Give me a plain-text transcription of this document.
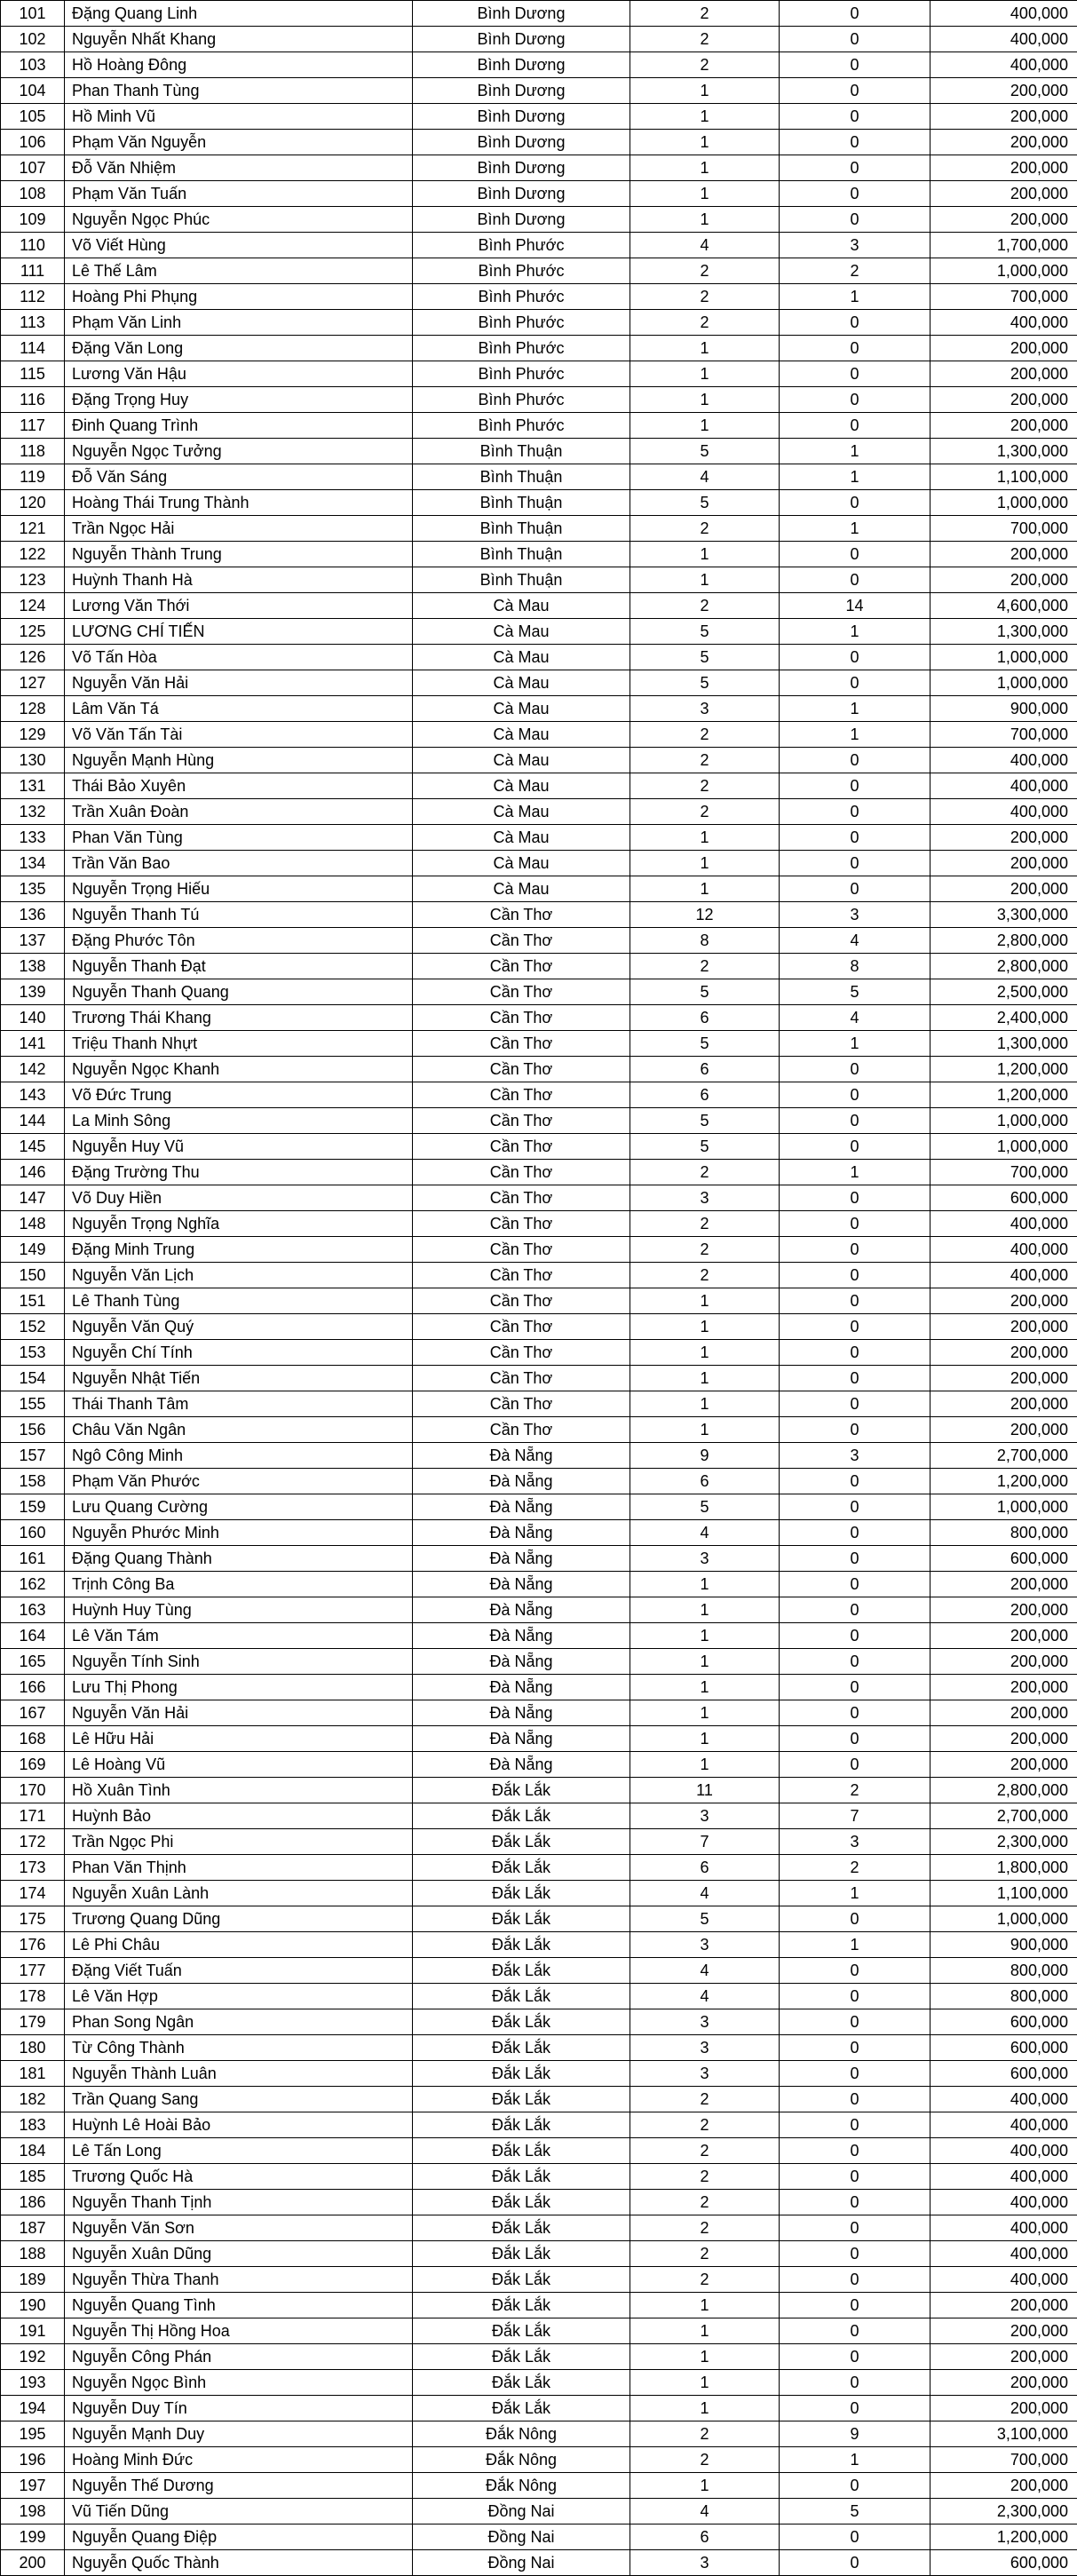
101	Đặng Quang Linh	Bình Dương	2	0	400,000
102	Nguyễn Nhất Khang	Bình Dương	2	0	400,000
103	Hồ Hoàng Đông	Bình Dương	2	0	400,000
104	Phan Thanh Tùng	Bình Dương	1	0	200,000
105	Hồ Minh Vũ	Bình Dương	1	0	200,000
106	Phạm Văn Nguyễn	Bình Dương	1	0	200,000
107	Đỗ Văn Nhiệm	Bình Dương	1	0	200,000
108	Phạm Văn Tuấn	Bình Dương	1	0	200,000
109	Nguyễn Ngọc Phúc	Bình Dương	1	0	200,000
110	Võ Viết Hùng	Bình Phước	4	3	1,700,000
111	Lê Thế Lâm	Bình Phước	2	2	1,000,000
112	Hoàng Phi Phụng	Bình Phước	2	1	700,000
113	Phạm Văn Linh	Bình Phước	2	0	400,000
114	Đặng Văn Long	Bình Phước	1	0	200,000
115	Lương Văn Hậu	Bình Phước	1	0	200,000
116	Đặng Trọng Huy	Bình Phước	1	0	200,000
117	Đinh Quang Trình	Bình Phước	1	0	200,000
118	Nguyễn Ngọc Tưởng	Bình Thuận	5	1	1,300,000
119	Đỗ Văn Sáng	Bình Thuận	4	1	1,100,000
120	Hoàng Thái Trung Thành	Bình Thuận	5	0	1,000,000
121	Trần Ngọc Hải	Bình Thuận	2	1	700,000
122	Nguyễn Thành Trung	Bình Thuận	1	0	200,000
123	Huỳnh Thanh Hà	Bình Thuận	1	0	200,000
124	Lương Văn Thới	Cà Mau	2	14	4,600,000
125	LƯƠNG CHÍ TIẾN	Cà Mau	5	1	1,300,000
126	Võ Tấn Hòa	Cà Mau	5	0	1,000,000
127	Nguyễn Văn Hải	Cà Mau	5	0	1,000,000
128	Lâm Văn Tá	Cà Mau	3	1	900,000
129	Võ Văn Tấn Tài	Cà Mau	2	1	700,000
130	Nguyễn Mạnh Hùng	Cà Mau	2	0	400,000
131	Thái Bảo Xuyên	Cà Mau	2	0	400,000
132	Trần Xuân Đoàn	Cà Mau	2	0	400,000
133	Phan Văn Tùng	Cà Mau	1	0	200,000
134	Trần Văn Bao	Cà Mau	1	0	200,000
135	Nguyễn Trọng Hiếu	Cà Mau	1	0	200,000
136	Nguyễn Thanh Tú	Cần Thơ	12	3	3,300,000
137	Đặng Phước Tôn	Cần Thơ	8	4	2,800,000
138	Nguyễn Thanh Đạt	Cần Thơ	2	8	2,800,000
139	Nguyễn Thanh Quang	Cần Thơ	5	5	2,500,000
140	Trương Thái Khang	Cần Thơ	6	4	2,400,000
141	Triệu Thanh Nhựt	Cần Thơ	5	1	1,300,000
142	Nguyễn Ngọc Khanh	Cần Thơ	6	0	1,200,000
143	Võ Đức Trung	Cần Thơ	6	0	1,200,000
144	La Minh Sông	Cần Thơ	5	0	1,000,000
145	Nguyễn Huy Vũ	Cần Thơ	5	0	1,000,000
146	Đặng Trường Thu	Cần Thơ	2	1	700,000
147	Võ Duy Hiền	Cần Thơ	3	0	600,000
148	Nguyễn Trọng Nghĩa	Cần Thơ	2	0	400,000
149	Đặng Minh Trung	Cần Thơ	2	0	400,000
150	Nguyễn Văn Lịch	Cần Thơ	2	0	400,000
151	Lê Thanh Tùng	Cần Thơ	1	0	200,000
152	Nguyễn Văn Quý	Cần Thơ	1	0	200,000
153	Nguyễn Chí Tính	Cần Thơ	1	0	200,000
154	Nguyễn Nhật Tiến	Cần Thơ	1	0	200,000
155	Thái Thanh Tâm	Cần Thơ	1	0	200,000
156	Châu Văn Ngân	Cần Thơ	1	0	200,000
157	Ngô Công Minh	Đà Nẵng	9	3	2,700,000
158	Phạm Văn Phước	Đà Nẵng	6	0	1,200,000
159	Lưu Quang Cường	Đà Nẵng	5	0	1,000,000
160	Nguyễn Phước Minh	Đà Nẵng	4	0	800,000
161	Đặng Quang Thành	Đà Nẵng	3	0	600,000
162	Trịnh Công Ba	Đà Nẵng	1	0	200,000
163	Huỳnh Huy Tùng	Đà Nẵng	1	0	200,000
164	Lê Văn Tám	Đà Nẵng	1	0	200,000
165	Nguyễn Tính Sinh	Đà Nẵng	1	0	200,000
166	Lưu Thị Phong	Đà Nẵng	1	0	200,000
167	Nguyễn Văn Hải	Đà Nẵng	1	0	200,000
168	Lê Hữu Hải	Đà Nẵng	1	0	200,000
169	Lê Hoàng Vũ	Đà Nẵng	1	0	200,000
170	Hồ Xuân Tình	Đắk Lắk	11	2	2,800,000
171	Huỳnh Bảo	Đắk Lắk	3	7	2,700,000
172	Trần Ngọc Phi	Đắk Lắk	7	3	2,300,000
173	Phan Văn Thịnh	Đắk Lắk	6	2	1,800,000
174	Nguyễn Xuân Lành	Đắk Lắk	4	1	1,100,000
175	Trương Quang Dũng	Đắk Lắk	5	0	1,000,000
176	Lê Phi Châu	Đắk Lắk	3	1	900,000
177	Đặng Viết Tuấn	Đắk Lắk	4	0	800,000
178	Lê Văn Hợp	Đắk Lắk	4	0	800,000
179	Phan Song Ngân	Đắk Lắk	3	0	600,000
180	Từ Công Thành	Đắk Lắk	3	0	600,000
181	Nguyễn Thành Luân	Đắk Lắk	3	0	600,000
182	Trần Quang Sang	Đắk Lắk	2	0	400,000
183	Huỳnh Lê Hoài Bảo	Đắk Lắk	2	0	400,000
184	Lê Tấn Long	Đắk Lắk	2	0	400,000
185	Trương Quốc Hà	Đắk Lắk	2	0	400,000
186	Nguyễn Thanh Tịnh	Đắk Lắk	2	0	400,000
187	Nguyễn Văn Sơn	Đắk Lắk	2	0	400,000
188	Nguyễn Xuân Dũng	Đắk Lắk	2	0	400,000
189	Nguyễn Thừa Thanh	Đắk Lắk	2	0	400,000
190	Nguyễn Quang Tình	Đắk Lắk	1	0	200,000
191	Nguyễn Thị Hồng Hoa	Đắk Lắk	1	0	200,000
192	Nguyễn Công Phán	Đắk Lắk	1	0	200,000
193	Nguyễn Ngọc Bình	Đắk Lắk	1	0	200,000
194	Nguyễn Duy Tín	Đắk Lắk	1	0	200,000
195	Nguyễn Mạnh Duy	Đắk Nông	2	9	3,100,000
196	Hoàng Minh Đức	Đắk Nông	2	1	700,000
197	Nguyễn Thế Dương	Đắk Nông	1	0	200,000
198	Vũ Tiến Dũng	Đồng Nai	4	5	2,300,000
199	Nguyễn Quang Điệp	Đồng Nai	6	0	1,200,000
200	Nguyễn Quốc Thành	Đồng Nai	3	0	600,000
